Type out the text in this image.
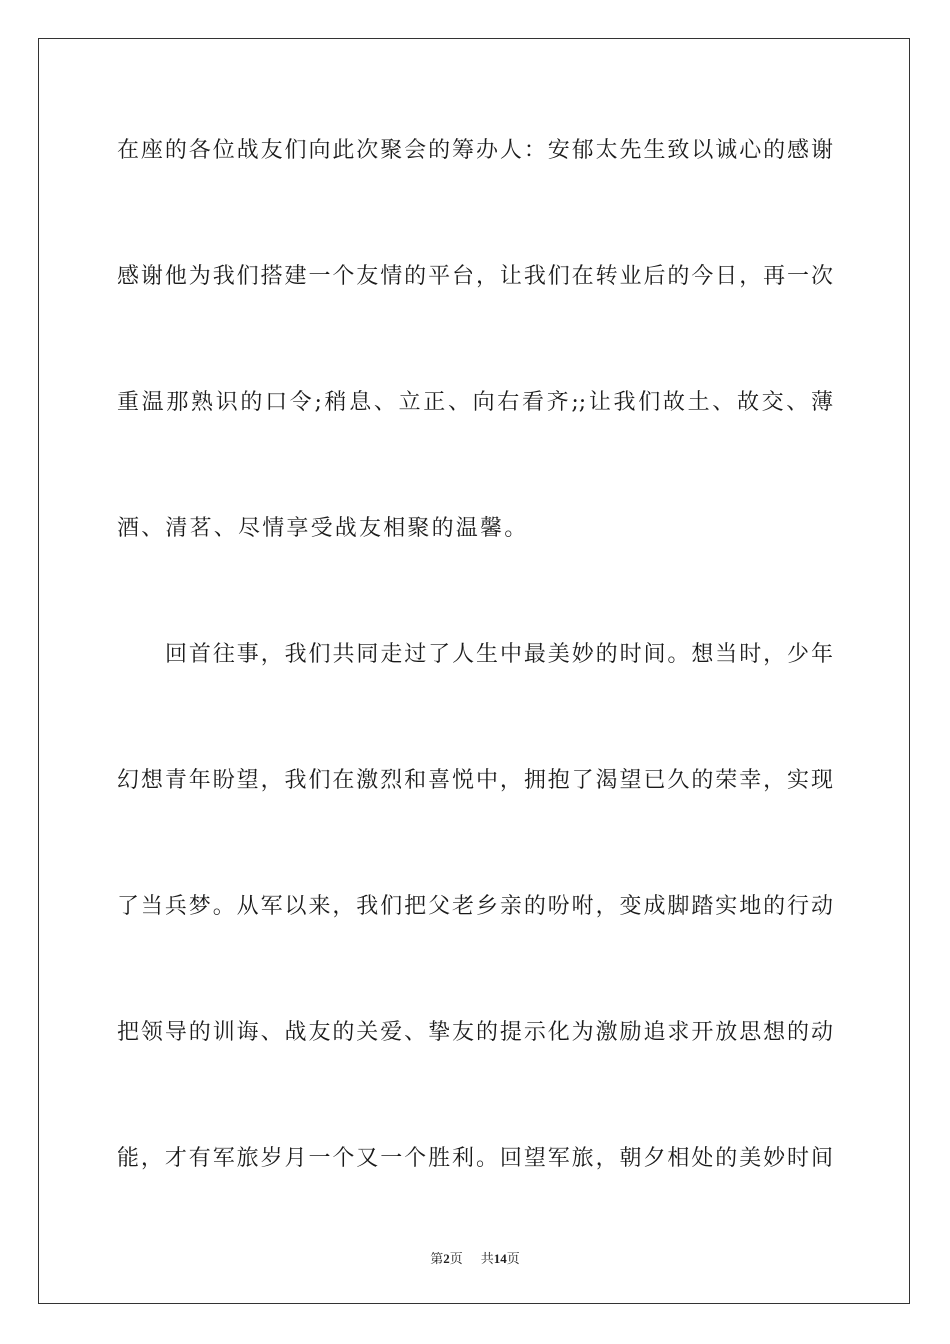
在座的各位战友们向此次聚会的筹办人：安郁太先生致以诚心的感谢

感谢他为我们搭建一个友情的平台，让我们在转业后的今日，再一次

重温那熟识的口令;稍息、立正、向右看齐;;让我们故土、故交、薄

酒、清茗、尽情享受战友相聚的温馨。

回首往事，我们共同走过了人生中最美妙的时间。想当时，少年

幻想青年盼望，我们在激烈和喜悦中，拥抱了渴望已久的荣幸，实现

了当兵梦。从军以来，我们把父老乡亲的吩咐，变成脚踏实地的行动

把领导的训诲、战友的关爱、挚友的提示化为激励追求开放思想的动

能，才有军旅岁月一个又一个胜利。回望军旅，朝夕相处的美妙时间

第2页 共14页
